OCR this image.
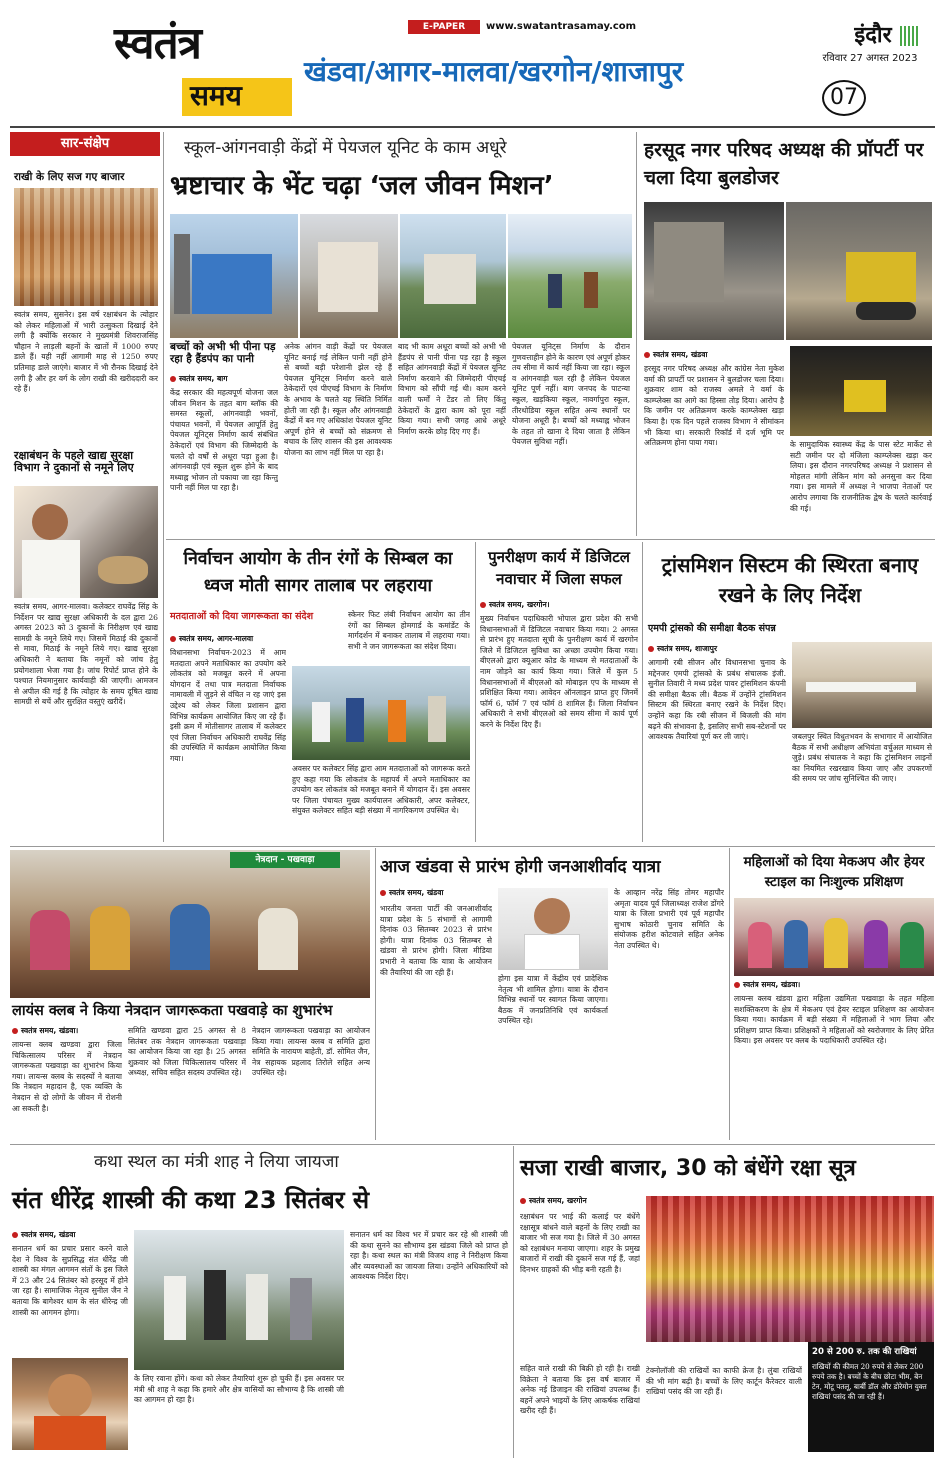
स्वतंत्र
समय
E-PAPER	www.swatantrasamay.com
खंडवा/आगर-मालवा/खरगोन/शाजापुर
इंदौर
रविवार 27 अगस्त 2023
07
सार-संक्षेप
राखी के लिए सज गए बाजार
स्वतंत्र समय, सुसनेर। इस वर्ष रक्षाबंधन के त्योहार को लेकर महिलाओं में भारी उत्सुकता दिखाई देने लगी है क्योंकि सरकार ने मुख्यमंत्री शिवराजसिंह चौहान ने लाड़ली बहनों के खातों में 1000 रुपए डाले हैं। यही नहीं आगामी माह से 1250 रुपए प्रतिमाह डाले जाएंगे। बाजार में भी रौनक दिखाई देने लगी है और हर वर्ग के लोग राखी की खरीददारी कर रहे हैं।
रक्षाबंधन के पहले खाद्य सुरक्षा विभाग ने दुकानों से नमूने लिए
स्वतंत्र समय, आगर-मालवा। कलेक्टर राघवेंद्र सिंह के निर्देशन पर खाद्य सुरक्षा अधिकारी के दल द्वारा 26 अगस्त 2023 को 3 दुकानों के निरीक्षण एवं खाद्य सामग्री के नमूने लिये गए। जिसमें मिठाई की दुकानों से मावा, मिठाई के नमूने लिये गए। खाद्य सुरक्षा अधिकारी ने बताया कि नमूनों को जांच हेतु प्रयोगशाला भेजा गया है। जांच रिपोर्ट प्राप्त होने के पश्चात नियमानुसार कार्यवाही की जाएगी। आमजन से अपील की गई है कि त्योहार के समय दूषित खाद्य सामग्री से बचें और सुरक्षित वस्तुएं खरीदें।
स्कूल-आंगनवाड़ी केंद्रों में पेयजल यूनिट के काम अधूरे
भ्रष्टाचार के भेंट चढ़ा ‘जल जीवन मिशन’
बच्चों को अभी भी पीना पड़ रहा है हैंडपंप का पानी
स्वतंत्र समय, बाग
केंद्र सरकार की महत्वपूर्ण योजना जल जीवन मिशन के तहत बाग ब्लॉक की समस्त स्कूलों, आंगनवाड़ी भवनों, पंचायत भवनों, में पेयजल आपूर्ति हेतु पेयजल यूनिट्स निर्माण कार्य संबंधित ठेकेदारों एवं विभाग की जिम्मेदारी के चलते दो वर्षों से अधूरा पड़ा हुआ है। आंगनवाड़ी एवं स्कूल शुरू होने के बाद मध्याह्न भोजन तो पकाया जा रहा किन्तु पानी नहीं मिल पा रहा है।
अनेक आंगन वाड़ी केंद्रों पर पेयजल यूनिट बनाई गई लेकिन पानी नहीं होने से बच्चों बड़ी परेशानी झेल रहे हैं पेयजल यूनिट्स निर्माण करने वाले ठेकेदारों एवं पीएचई विभाग के निर्माण के अभाव के चलते यह स्थिति निर्मित होती जा रही है। स्कूल और आंगनवाड़ी केंद्रों में बन गए अधिकांश पेयजल यूनिट अपूर्ण होने से बच्चों को संक्रमण से बचाव के लिए शासन की इस आवश्यक योजना का लाभ नहीं मिल पा रहा है।
बाद भी काम अधूरा बच्चों को अभी भी हैंडपंप से पानी पीना पड़ रहा है स्कूल सहित आंगनवाड़ी केंद्रों में पेयजल यूनिट निर्माण करवाने की जिम्मेदारी पीएचई विभाग को सौंपी गई थी। काम करने वाली फर्मों ने टेंडर तो लिए किंतु ठेकेदारों के द्वारा काम को पूरा नहीं किया गया। सभी जगह आधे अधूरे निर्माण करके छोड़ दिए गए हैं।
पेयजल यूनिट्स निर्माण के दौरान गुणवत्ताहीन होने के कारण एवं अपूर्ण होकर तय सीमा में कार्य नहीं किया जा रहा। स्कूल व आंगनवाड़ी चल रही है लेकिन पेयजल यूनिट पूर्ण नहीं। बाग जनपद के पाटन्या स्कूल, खड़किया स्कूल, नावर्गापुरा स्कूल, तीरथोडिया स्कूल सहित अन्य स्थानों पर योजना अधूरी है। बच्चों को मध्याह्न भोजन के तहत तो खाना दे दिया जाता है लेकिन पेयजल सुविधा नहीं।
हरसूद नगर परिषद अध्यक्ष की प्रॉपर्टी पर चला दिया बुलडोजर
स्वतंत्र समय, खंडवा
हरसूद नगर परिषद अध्यक्ष और कांग्रेस नेता मुकेश वर्मा की प्रापर्टी पर प्रशासन ने बुलडोजर चला दिया। शुक्रवार शाम को राजस्व अमले ने वर्मा के काम्प्लेक्स का आगे का हिस्सा तोड़ दिया। आरोप है कि जमीन पर अतिक्रमण करके काम्प्लेक्स खड़ा किया है। एक दिन पहले राजस्व विभाग ने सीमांकन भी किया था। सरकारी रिकॉर्ड में दर्ज भूमि पर अतिक्रमण होना पाया गया।	के सामुदायिक स्वास्थ्य केंद्र के पास स्टेट मार्केट से सटी जमीन पर दो मंजिला काम्प्लेक्स खड़ा कर लिया। इस दौरान नगरपरिषद अध्यक्ष ने प्रशासन से मोहलत मांगी लेकिन मांग को अनसुना कर दिया गया। इस मामले में अध्यक्ष ने भाजपा नेताओं पर आरोप लगाया कि राजनीतिक द्वेष के चलते कार्रवाई की गई।
निर्वाचन आयोग के तीन रंगों के सिम्बल का ध्वज मोती सागर तालाब पर लहराया
मतदाताओं को दिया जागरूकता का संदेश	स्केनर फिट लंबी निर्वाचन आयोग का तीन रंगों का सिम्बल होमगार्ड के कमांडेंट के मार्गदर्शन में बनाकर तालाब में लहराया गया। सभी ने जन जागरूकता का संदेश दिया।
स्वतंत्र समय, आगर-मालवा
विधानसभा निर्वाचन-2023 में आम मतदाता अपने मताधिकार का उपयोग करे लोकतंत्र को मजबूत करने में अपना योगदान दें तथा पात्र मतदाता निर्वाचक नामावली में जुड़ने से वंचित न रह जाएं इस उद्देश्य को लेकर जिला प्रशासन द्वारा विभिन्न कार्यक्रम आयोजित किए जा रहे हैं। इसी क्रम में मोतीसागर तालाब में कलेक्टर एवं जिला निर्वाचन अधिकारी राघवेंद्र सिंह की उपस्थिति में कार्यक्रम आयोजित किया गया।
अवसर पर कलेक्टर सिंह द्वारा आम मतदाताओं को जागरूक करते हुए कहा गया कि लोकतंत्र के महापर्व में अपने मताधिकार का उपयोग कर लोकतंत्र को मजबूत बनाने में योगदान दें। इस अवसर पर जिला पंचायत मुख्य कार्यपालन अधिकारी, अपर कलेक्टर, संयुक्त कलेक्टर सहित बड़ी संख्या में नागरिकगण उपस्थित थे।
पुनरीक्षण कार्य में डिजिटल नवाचार में जिला सफल
स्वतंत्र समय, खरगोन।
मुख्य निर्वाचन पदाधिकारी भोपाल द्वारा प्रदेश की सभी विधानसभाओं में डिजिटल नवाचार किया गया। 2 अगस्त से प्रारंभ हुए मतदाता सूची के पुनरीक्षण कार्य में खरगोन जिले में डिजिटल सुविधा का अच्छा उपयोग किया गया। बीएलओ द्वारा क्यूआर कोड के माध्यम से मतदाताओं के नाम जोड़ने का कार्य किया गया। जिले में कुल 5 विधानसभाओं में बीएलओ को मोबाइल एप के माध्यम से प्रशिक्षित किया गया। आवेदन ऑनलाइन प्राप्त हुए जिनमें फॉर्म 6, फॉर्म 7 एवं फॉर्म 8 शामिल हैं। जिला निर्वाचन अधिकारी ने सभी बीएलओ को समय सीमा में कार्य पूर्ण करने के निर्देश दिए हैं।
ट्रांसमिशन सिस्टम की स्थिरता बनाए रखने के लिए निर्देश
एमपी ट्रांसको की समीक्षा बैठक संपन्न
स्वतंत्र समय, शाजापुर
आगामी रबी सीजन और विधानसभा चुनाव के मद्देनजर एमपी ट्रांसको के प्रबंध संचालक इंजी. सुनील तिवारी ने मध्य प्रदेश पावर ट्रांसमिशन कंपनी की समीक्षा बैठक ली। बैठक में उन्होंने ट्रांसमिशन सिस्टम की स्थिरता बनाए रखने के निर्देश दिए। उन्होंने कहा कि रबी सीजन में बिजली की मांग बढ़ने की संभावना है, इसलिए सभी सब-स्टेशनों पर आवश्यक तैयारियां पूर्ण कर ली जाएं।	जबलपुर स्थित विधुतभवन के सभागार में आयोजित बैठक में सभी अधीक्षण अभियंता वर्चुअल माध्यम से जुड़े। प्रबंध संचालक ने कहा कि ट्रांसमिशन लाइनों का नियमित रखरखाव किया जाए और उपकरणों की समय पर जांच सुनिश्चित की जाए।
नेत्रदान - पखवाड़ा
लायंस क्लब ने किया नेत्रदान जागरूकता पखवाड़े का शुभारंभ
स्वतंत्र समय, खंडवा।
लायन्स क्लब खण्डवा द्वारा जिला चिकित्सालय परिसर में नेत्रदान जागरूकता पखवाड़ा का शुभारंभ किया गया। लायन्स क्लब के सदस्यों ने बताया कि नेत्रदान महादान है, एक व्यक्ति के नेत्रदान से दो लोगों के जीवन में रोशनी आ सकती है।
समिति खण्डवा द्वारा 25 अगस्त से 8 सितंबर तक नेत्रदान जागरूकता पखवाड़ा का आयोजन किया जा रहा है। 25 अगस्त शुक्रवार को जिला चिकित्सालय परिसर में अध्यक्ष, सचिव सहित सदस्य उपस्थित रहे।
नेत्रदान जागरूकता पखवाड़ा का आयोजन किया गया। लायन्स क्लब व समिति द्वारा समिति के नारायण बाहेती, डॉ. सोमित जैन, नेत्र सहायक प्रहलाद तिरोले सहित अन्य उपस्थित रहे।
आज खंडवा से प्रारंभ होगी जनआशीर्वाद यात्रा
स्वतंत्र समय, खंडवा
भारतीय जनता पार्टी की जनआशीर्वाद यात्रा प्रदेश के 5 संभागों से आगामी दिनांक 03 सितम्बर 2023 से प्रारंभ होगी। यात्रा दिनांक 03 सितम्बर से खंडवा से प्रारंभ होगी। जिला मीडिया प्रभारी ने बताया कि यात्रा के आयोजन की तैयारियां की जा रही हैं।
होगा इस यात्रा में केंद्रीय एवं प्रादेशिक नेतृत्व भी शामिल होगा। यात्रा के दौरान विभिन्न स्थानों पर स्वागत किया जाएगा। बैठक में जनप्रतिनिधि एवं कार्यकर्ता उपस्थित रहे।
के आव्हान नरेंद्र सिंह तोमर महापौर अमृता यादव पूर्व जिलाध्यक्ष राजेश डोंगरे यात्रा के जिला प्रभारी एवं पूर्व महापौर सुभाष कोठारी चुनाव समिति के संयोजक हरीश कोटवाले सहित अनेक नेता उपस्थित थे।
महिलाओं को दिया मेकअप और हेयर स्टाइल का निःशुल्क प्रशिक्षण
स्वतंत्र समय, खंडवा।
लायन्स क्लब खंडवा द्वारा महिला उद्यमिता पखवाड़ा के तहत महिला सशक्तिकरण के क्षेत्र में मेकअप एवं हेयर स्टाइल प्रशिक्षण का आयोजन किया गया। कार्यक्रम में बड़ी संख्या में महिलाओं ने भाग लिया और प्रशिक्षण प्राप्त किया। प्रशिक्षकों ने महिलाओं को स्वरोजगार के लिए प्रेरित किया। इस अवसर पर क्लब के पदाधिकारी उपस्थित रहे।
कथा स्थल का मंत्री शाह ने लिया जायजा
संत धीरेंद्र शास्त्री की कथा 23 सितंबर से
स्वतंत्र समय, खंडवा
सनातन धर्म का प्रचार प्रसार करने वाले देश ने विश्व के सुप्रसिद्ध संत धीरेंद्र जी शास्त्री का मंगल आगमन संतों के इस जिले में 23 और 24 सितंबर को हरसूद में होने जा रहा है। सामाजिक नेतृत्व सुनील जैन ने बताया कि बागेश्वर धाम के संत धीरेन्द्र जी शास्त्री का आगमन होगा।
के लिए रवाना होंगे। कथा को लेकर तैयारियां शुरू हो चुकी हैं। इस अवसर पर मंत्री श्री शाह ने कहा कि हमारे और क्षेत्र वासियों का सौभाग्य है कि शास्त्री जी का आगमन हो रहा है।
सनातन धर्म का विश्व भर में प्रचार कर रहे श्री शास्त्री जी की कथा सुनने का सौभाग्य इस खंडवा जिले को प्राप्त हो रहा है। कथा स्थल का मंत्री विजय शाह ने निरीक्षण किया और व्यवस्थाओं का जायजा लिया। उन्होंने अधिकारियों को आवश्यक निर्देश दिए।
सजा राखी बाजार, 30 को बंधेंगे रक्षा सूत्र
स्वतंत्र समय, खरगोन
रक्षाबंधन पर भाई की कलाई पर बंधेंगे रक्षासूत्र बांधने वाले बहनों के लिए राखी का बाजार भी सज गया है। जिले में 30 अगस्त को रक्षाबंधन मनाया जाएगा। शहर के प्रमुख बाजारों में राखी की दुकानें सज गई हैं, जहां दिनभर ग्राहकों की भीड़ बनी रहती है।
सहित वाले राखी की बिक्री हो रही है। राखी विक्रेता ने बताया कि इस वर्ष बाजार में अनेक नई डिजाइन की राखियां उपलब्ध हैं। बहनें अपने भाइयों के लिए आकर्षक राखियां खरीद रही हैं।
टेक्नोलॉजी की राखियों का काफी क्रेज है। लुंबा राखियों की भी मांग बढ़ी है। बच्चों के लिए कार्टून कैरेक्टर वाली राखियां पसंद की जा रही हैं।
20 से 200 रु. तक की राखियां
राखियों की कीमत 20 रुपये से लेकर 200 रुपये तक है। बच्चों के बीच छोटा भीम, बेन टेन, मोटू पतलू, बार्बी डॉल और डोरेमोन युक्त राखियां पसंद की जा रही हैं।
